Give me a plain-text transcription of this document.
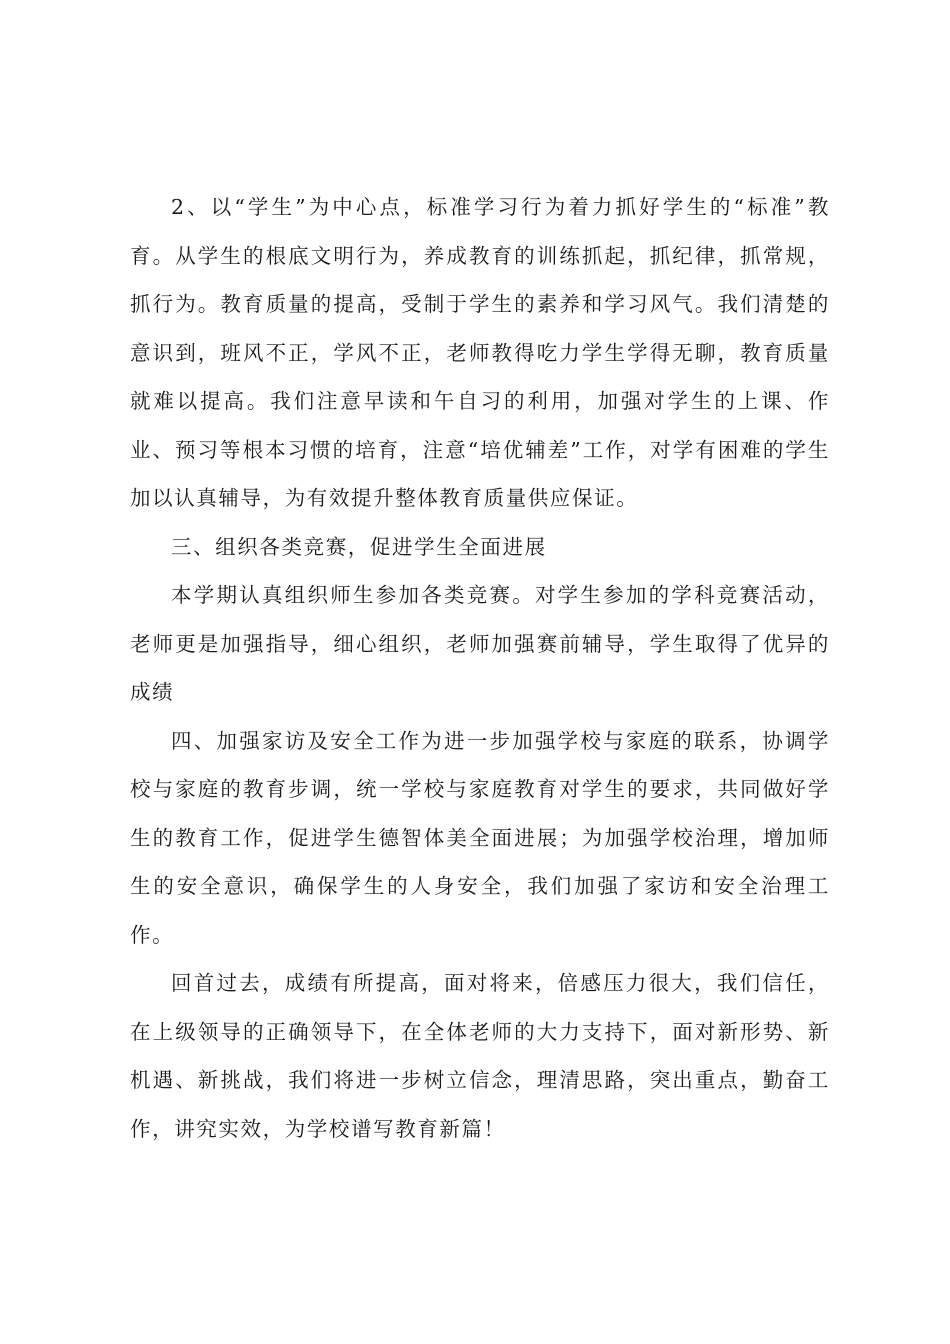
2、以“学生”为中心点，标准学习行为着力抓好学生的“标准”教育。从学生的根底文明行为，养成教育的训练抓起，抓纪律，抓常规，抓行为。教育质量的提高，受制于学生的素养和学习风气。我们清楚的意识到，班风不正，学风不正，老师教得吃力学生学得无聊，教育质量就难以提高。我们注意早读和午自习的利用，加强对学生的上课、作业、预习等根本习惯的培育，注意“培优辅差”工作，对学有困难的学生加以认真辅导，为有效提升整体教育质量供应保证。

三、组织各类竞赛，促进学生全面进展

本学期认真组织师生参加各类竞赛。对学生参加的学科竞赛活动，老师更是加强指导，细心组织，老师加强赛前辅导，学生取得了优异的成绩

四、加强家访及安全工作为进一步加强学校与家庭的联系，协调学校与家庭的教育步调，统一学校与家庭教育对学生的要求，共同做好学生的教育工作，促进学生德智体美全面进展；为加强学校治理，增加师生的安全意识，确保学生的人身安全，我们加强了家访和安全治理工作。

回首过去，成绩有所提高，面对将来，倍感压力很大，我们信任，在上级领导的正确领导下，在全体老师的大力支持下，面对新形势、新机遇、新挑战，我们将进一步树立信念，理清思路，突出重点，勤奋工作，讲究实效，为学校谱写教育新篇！
